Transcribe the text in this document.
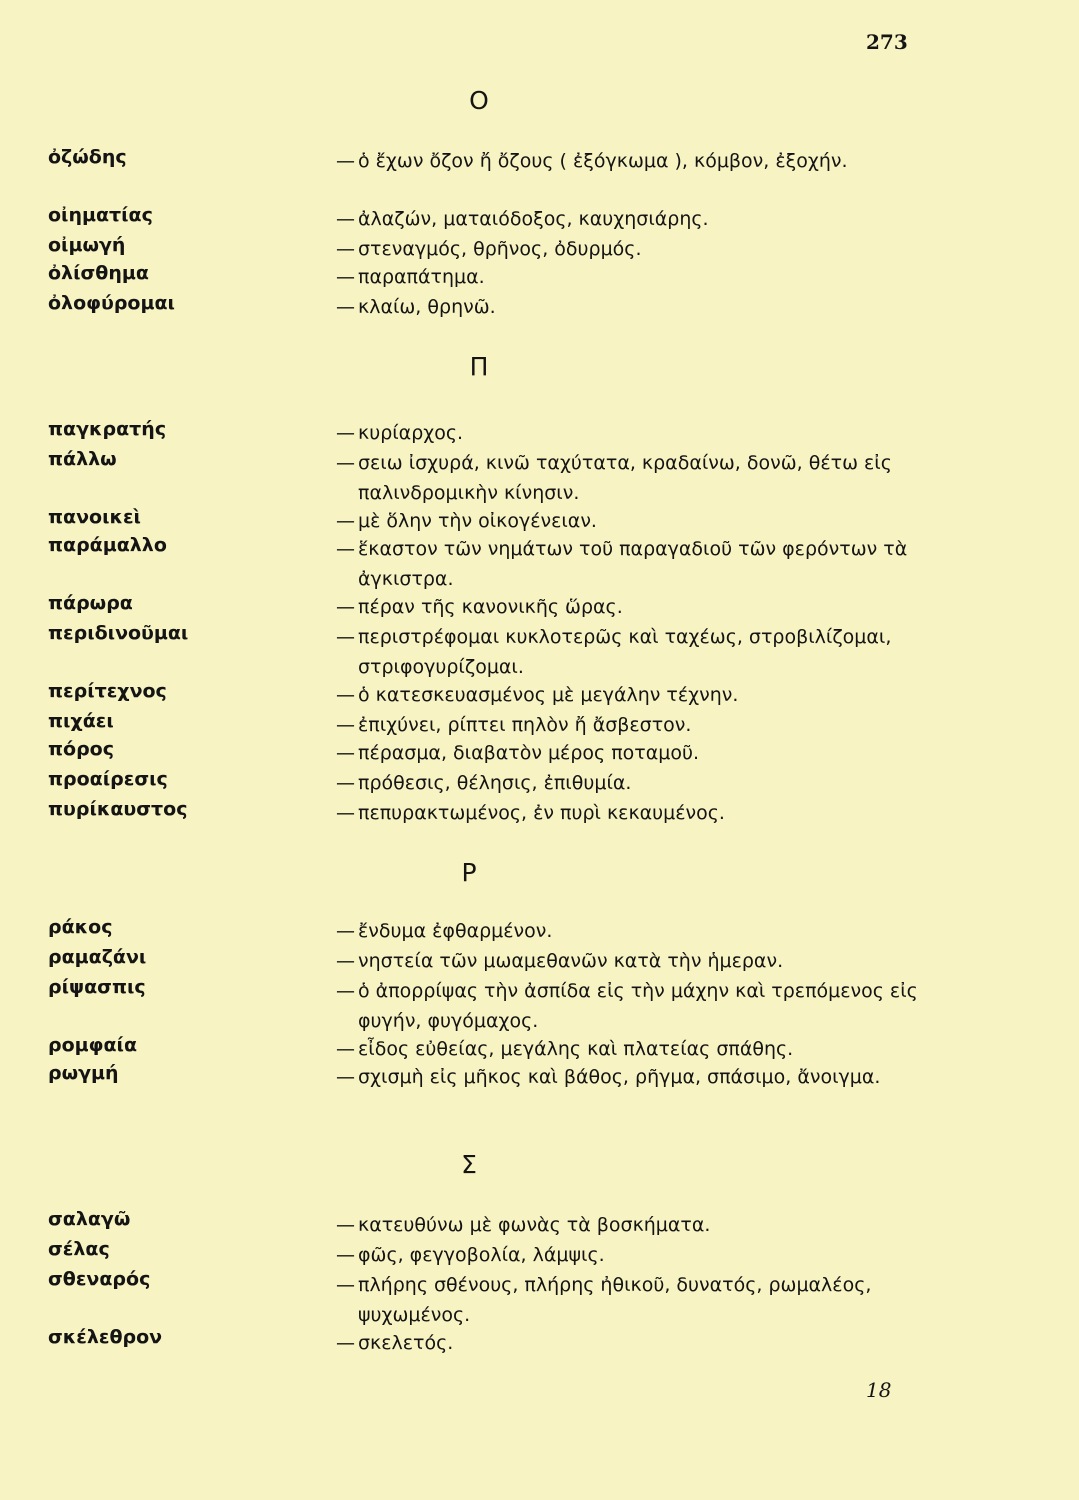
273
O
ὀζώδης	— ὁ ἔχων ὄζον ἤ ὄζους ( ἐξόγκωμα ), κόμβον, ἐξοχήν.
οἰηματίας	— ἀλαζών, ματαιόδοξος, καυχησιάρης.
οἰμωγή	— στεναγμός, θρῆνος, ὀδυρμός.
ὀλίσθημα	— παραπάτημα.
ὀλοφύρομαι	— κλαίω, θρηνῶ.
Π
παγκρατής	— κυρίαρχος.
πάλλω	— σειω ἰσχυρά, κινῶ ταχύτατα, κραδαίνω, δονῶ, θέτω εἰς παλινδρομικὴν κίνησιν.
πανοικεὶ	— μὲ ὅλην τὴν οἰκογένειαν.
παράμαλλο	— ἕκαστον τῶν νημάτων τοῦ παραγαδιοῦ τῶν φερόντων τὰ ἀγκιστρα.
πάρωρα	— πέραν τῆς κανονικῆς ὥρας.
περιδινοῦμαι	— περιστρέφομαι κυκλοτερῶς καὶ ταχέως, στροβιλίζομαι, στριφογυρίζομαι.
περίτεχνος	— ὁ κατεσκευασμένος μὲ μεγάλην τέχνην.
πιχάει	— ἐπιχύνει, ρίπτει πηλὸν ἤ ἄσβεστον.
πόρος	— πέρασμα, διαβατὸν μέρος ποταμοῦ.
προαίρεσις	— πρόθεσις, θέλησις, ἐπιθυμία.
πυρίκαυστος	— πεπυρακτωμένος, ἐν πυρὶ κεκαυμένος.
Ρ
ράκος	— ἔνδυμα ἐφθαρμένον.
ραμαζάνι	— νηστεία τῶν μωαμεθανῶν κατὰ τὴν ἡμεραν.
ρίψασπις	— ὁ ἀπορρίψας τὴν ἀσπίδα εἰς τὴν μάχην καὶ τρεπόμενος εἰς φυγήν, φυγόμαχος.
ρομφαία	— εἶδος εὐθείας, μεγάλης καὶ πλατείας σπάθης.
ρωγμή	— σχισμὴ εἰς μῆκος καὶ βάθος, ρῆγμα, σπάσιμο, ἄνοιγμα.
Σ
σαλαγῶ	— κατευθύνω μὲ φωνὰς τὰ βοσκήματα.
σέλας	— φῶς, φεγγοβολία, λάμψις.
σθεναρός	— πλήρης σθένους, πλήρης ἠθικοῦ, δυνατός, ρωμαλέος, ψυχωμένος.
σκέλεθρον	— σκελετός.
18
